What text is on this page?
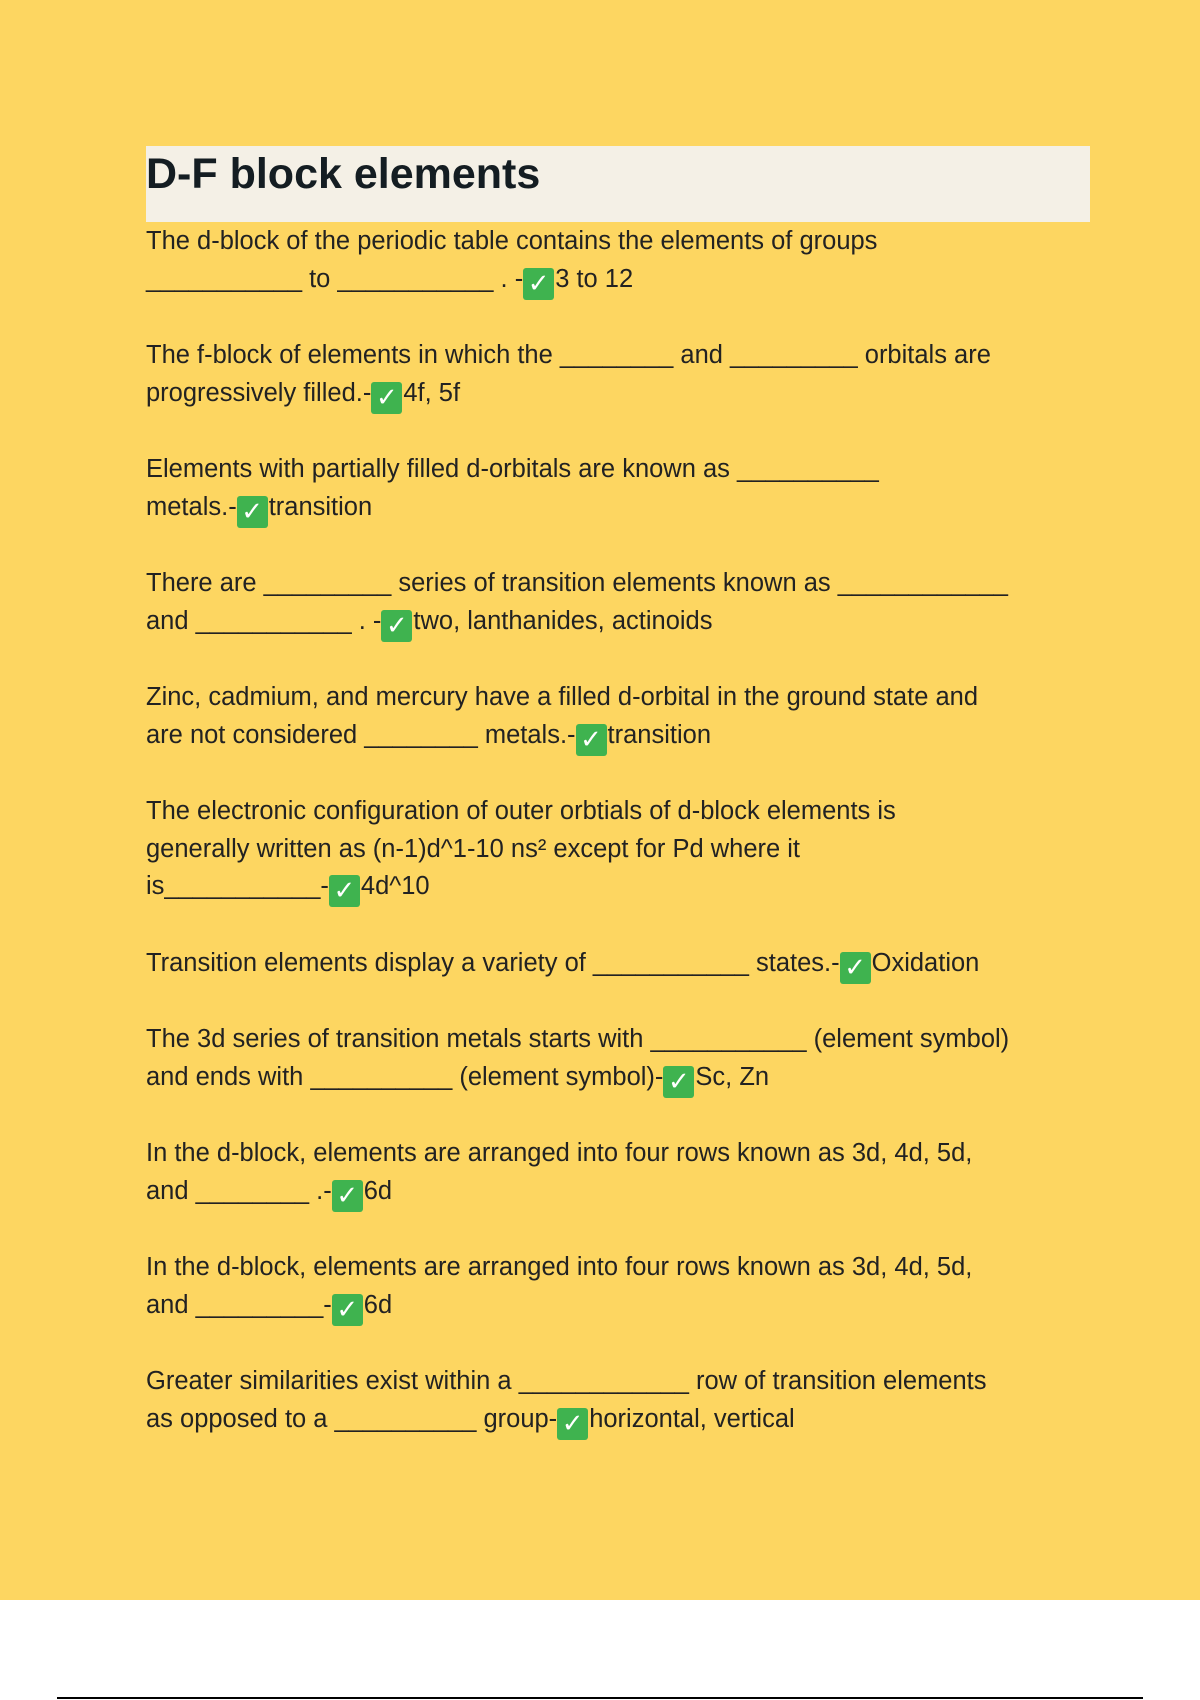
D-F block elements

The d-block of the periodic table contains the elements of groups
___________ to ___________ . - ✓ 3 to 12

The f-block of elements in which the ________ and _________ orbitals are
progressively filled.- ✓ 4f, 5f

Elements with partially filled d-orbitals are known as __________
metals.- ✓ transition

There are _________ series of transition elements known as ____________
and ___________ . - ✓ two, lanthanides, actinoids

Zinc, cadmium, and mercury have a filled d-orbital in the ground state and
are not considered ________ metals.- ✓ transition

The electronic configuration of outer orbtials of d-block elements is
generally written as (n-1)d^1-10 ns² except for Pd where it
is___________- ✓ 4d^10

Transition elements display a variety of ___________ states.- ✓ Oxidation

The 3d series of transition metals starts with ___________ (element symbol)
and ends with __________ (element symbol)- ✓ Sc, Zn

In the d-block, elements are arranged into four rows known as 3d, 4d, 5d,
and ________ .- ✓ 6d

In the d-block, elements are arranged into four rows known as 3d, 4d, 5d,
and _________- ✓ 6d

Greater similarities exist within a ____________ row of transition elements
as opposed to a __________ group- ✓ horizontal, vertical
